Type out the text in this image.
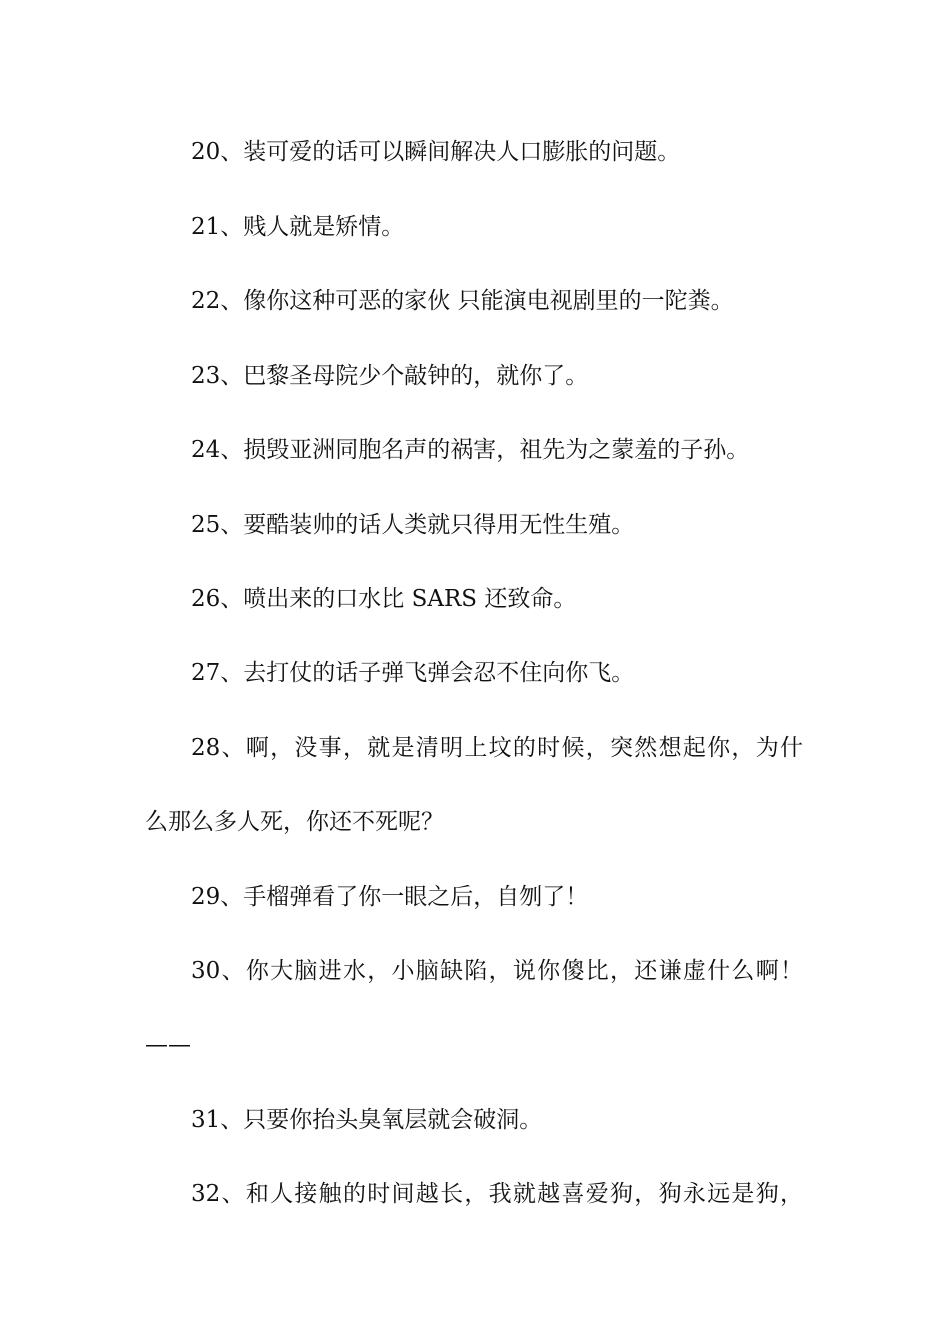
20、装可爱的话可以瞬间解决人口膨胀的问题。
21、贱人就是矫情。
22、像你这种可恶的家伙 只能演电视剧里的一陀粪。
23、巴黎圣母院少个敲钟的，就你了。
24、损毁亚洲同胞名声的祸害，祖先为之蒙羞的子孙。
25、要酷装帅的话人类就只得用无性生殖。
26、喷出来的口水比 SARS 还致命。
27、去打仗的话子弹飞弹会忍不住向你飞。
28、啊，没事，就是清明上坟的时候，突然想起你，为什
么那么多人死，你还不死呢？
29、手榴弹看了你一眼之后，自刎了！
30、你大脑进水，小脑缺陷，说你傻比，还谦虚什么啊！
——
31、只要你抬头臭氧层就会破洞。
32、和人接触的时间越长，我就越喜爱狗，狗永远是狗，
